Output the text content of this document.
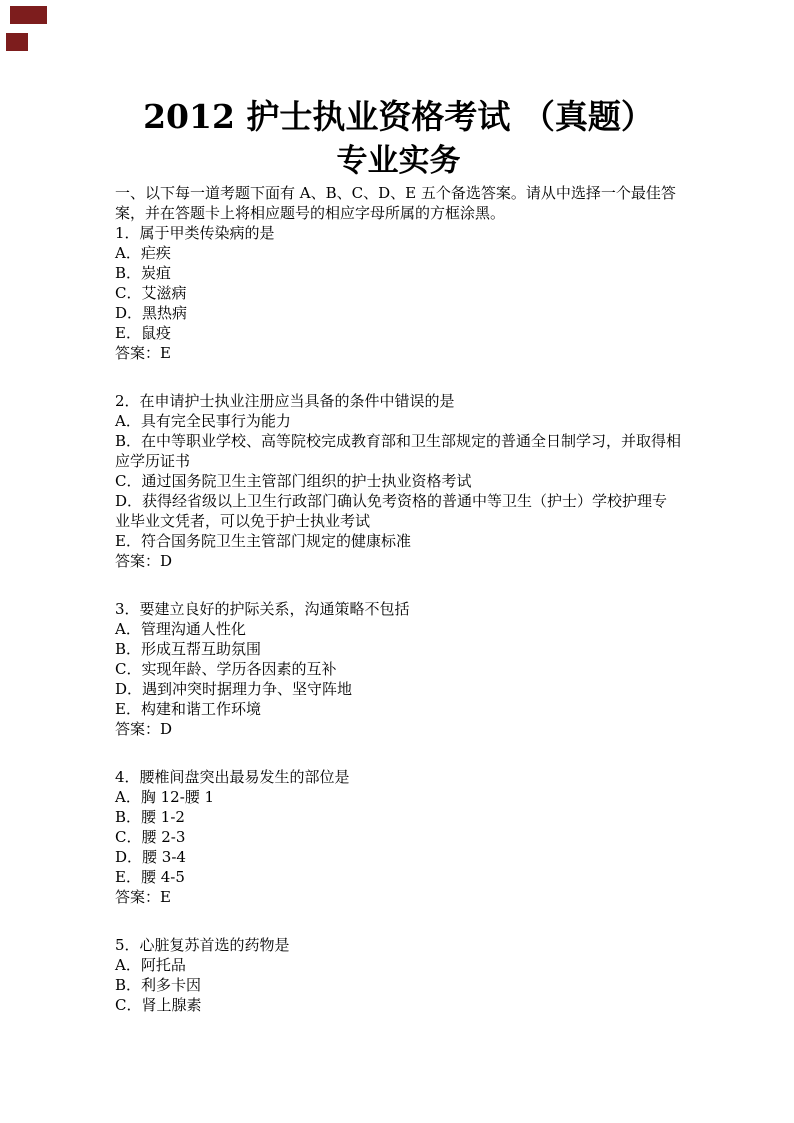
2012 护士执业资格考试 （真题）
专业实务

一、以下每一道考题下面有 A、B、C、D、E 五个备选答案。请从中选择一个最佳答案，并在答题卡上将相应题号的相应字母所属的方框涂黑。

1．属于甲类传染病的是

A．疟疾

B．炭疽

C．艾滋病

D．黑热病

E．鼠疫

答案：E

2．在申请护士执业注册应当具备的条件中错误的是

A．具有完全民事行为能力

B．在中等职业学校、高等院校完成教育部和卫生部规定的普通全日制学习，并取得相应学历证书

C．通过国务院卫生主管部门组织的护士执业资格考试

D．获得经省级以上卫生行政部门确认免考资格的普通中等卫生（护士）学校护理专业毕业文凭者，可以免于护士执业考试

E．符合国务院卫生主管部门规定的健康标准

答案：D

3．要建立良好的护际关系，沟通策略不包括

A．管理沟通人性化

B．形成互帮互助氛围

C．实现年龄、学历各因素的互补

D．遇到冲突时据理力争、坚守阵地

E．构建和谐工作环境

答案：D

4．腰椎间盘突出最易发生的部位是

A．胸 12-腰 1

B．腰 1-2

C．腰 2-3

D．腰 3-4

E．腰 4-5

答案：E

5．心脏复苏首选的药物是

A．阿托品

B．利多卡因

C．肾上腺素
